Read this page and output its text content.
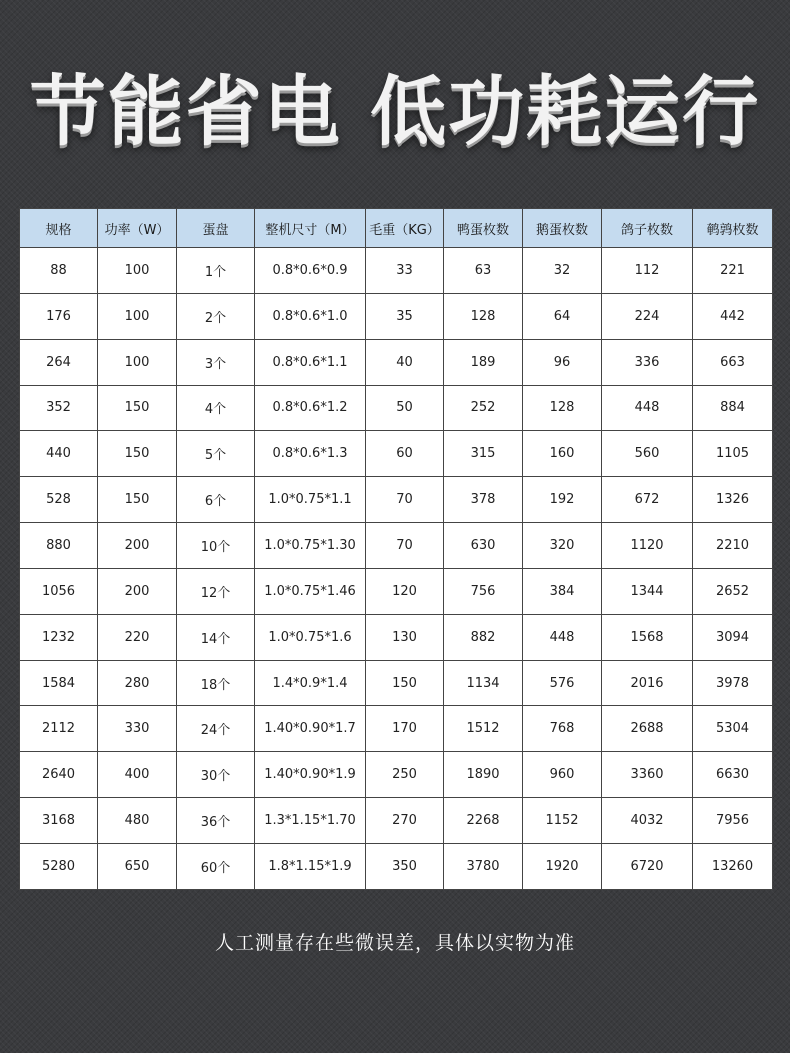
节能省电 低功耗运行
规格	功率（W）	蛋盘	整机尺寸（M）	毛重（KG）	鸭蛋枚数	鹅蛋枚数	鸽子枚数	鹌鹑枚数
88	100	1个	0.8*0.6*0.9	33	63	32	112	221
176	100	2个	0.8*0.6*1.0	35	128	64	224	442
264	100	3个	0.8*0.6*1.1	40	189	96	336	663
352	150	4个	0.8*0.6*1.2	50	252	128	448	884
440	150	5个	0.8*0.6*1.3	60	315	160	560	1105
528	150	6个	1.0*0.75*1.1	70	378	192	672	1326
880	200	10个	1.0*0.75*1.30	70	630	320	1120	2210
1056	200	12个	1.0*0.75*1.46	120	756	384	1344	2652
1232	220	14个	1.0*0.75*1.6	130	882	448	1568	3094
1584	280	18个	1.4*0.9*1.4	150	1134	576	2016	3978
2112	330	24个	1.40*0.90*1.7	170	1512	768	2688	5304
2640	400	30个	1.40*0.90*1.9	250	1890	960	3360	6630
3168	480	36个	1.3*1.15*1.70	270	2268	1152	4032	7956
5280	650	60个	1.8*1.15*1.9	350	3780	1920	6720	13260
人工测量存在些微误差，具体以实物为准
